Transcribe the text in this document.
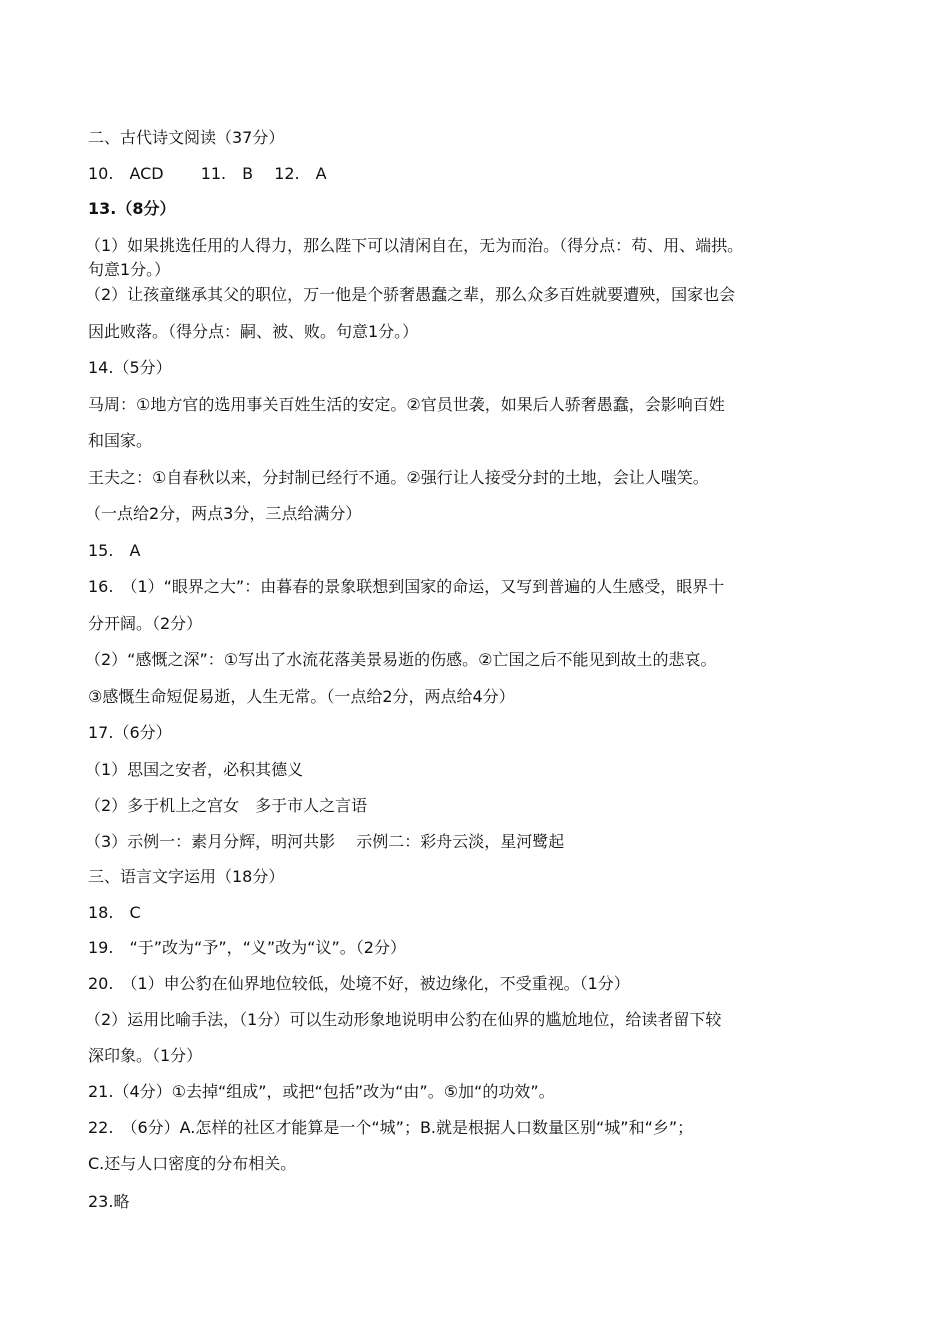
二、古代诗文阅读（37分）
10.　ACD　　 11.　B　 12.　A
13.（8分）
（1）如果挑选任用的人得力，那么陛下可以清闲自在，无为而治。（得分点：苟、用、端拱。
句意1分。）
（2）让孩童继承其父的职位，万一他是个骄奢愚蠢之辈，那么众多百姓就要遭殃，国家也会
因此败落。（得分点：嗣、被、败。句意1分。）
14.（5分）
马周：①地方官的选用事关百姓生活的安定。②官员世袭，如果后人骄奢愚蠢，会影响百姓
和国家。
王夫之：①自春秋以来，分封制已经行不通。②强行让人接受分封的土地，会让人嗤笑。
（一点给2分，两点3分，三点给满分）
15.　A
16.　（1）“眼界之大”：由暮春的景象联想到国家的命运，又写到普遍的人生感受，眼界十
分开阔。（2分）
（2）“感慨之深”：①写出了水流花落美景易逝的伤感。②亡国之后不能见到故土的悲哀。
③感慨生命短促易逝，人生无常。（一点给2分，两点给4分）
17.（6分）
（1）思国之安者，必积其德义
（2）多于机上之宫女　多于市人之言语
（3）示例一：素月分辉，明河共影　 示例二：彩舟云淡，星河鹭起
三、语言文字运用（18分）
18.　C
19.　“于”改为“予”，“义”改为“议”。（2分）
20.　（1）申公豹在仙界地位较低，处境不好，被边缘化，不受重视。（1分）
（2）运用比喻手法，（1分）可以生动形象地说明申公豹在仙界的尴尬地位，给读者留下较
深印象。（1分）
21.（4分）①去掉“组成”，或把“包括”改为“由”。⑤加“的功效”。
22.　（6分）A.怎样的社区才能算是一个“城”；B.就是根据人口数量区别“城”和“乡”；
C.还与人口密度的分布相关。
23.略
